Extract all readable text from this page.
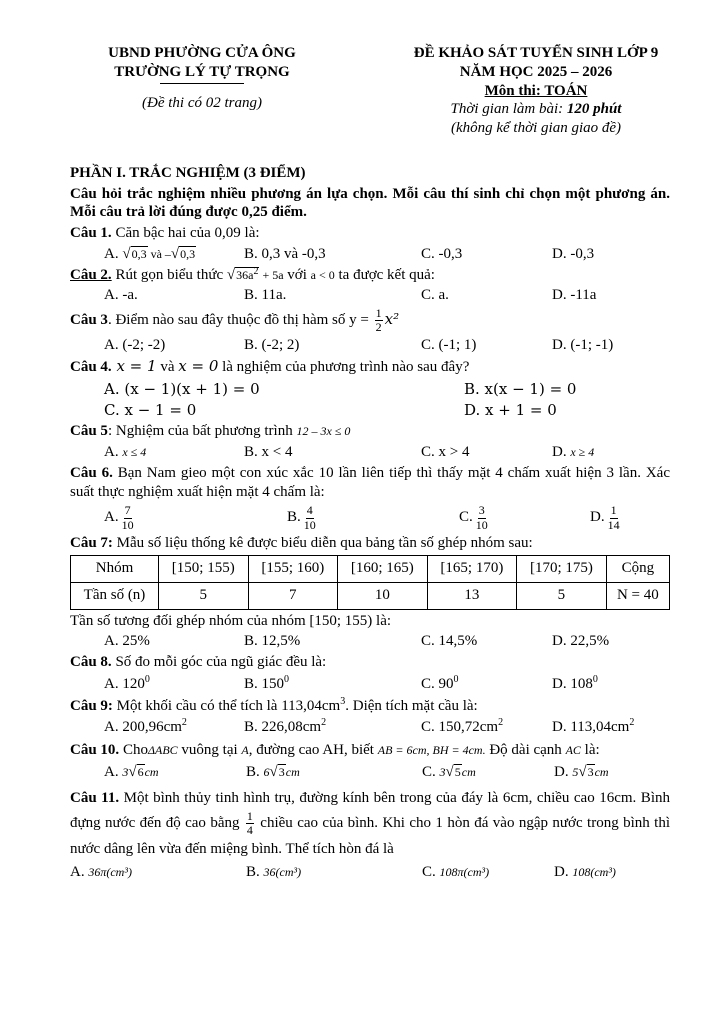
UBND PHƯỜNG CỬA ÔNG
TRƯỜNG LÝ TỰ TRỌNG
(Đề thi có 02 trang)
ĐỀ KHẢO SÁT TUYỂN SINH LỚP 9
NĂM HỌC 2025 – 2026
Môn thi: TOÁN
Thời gian làm bài: 120 phút
(không kể thời gian giao đề)
PHẦN I. TRẮC NGHIỆM (3 ĐIỂM)
Câu hỏi trắc nghiệm nhiều phương án lựa chọn. Mỗi câu thí sinh chỉ chọn một phương án. Mỗi câu trả lời đúng được 0,25 điểm.
Câu 1. Căn bậc hai của 0,09 là:
A. √0,3 và –√0,3	B. 0,3 và -0,3	C. -0,3	D. -0,3
Câu 2. Rút gọn biểu thức $√36a^2 + 5a$ với a < 0 ta được kết quả:
A. -a.	B. 11a.	C. a.	D. -11a
Câu 3. Điểm nào sau đây thuộc đồ thị hàm số $y = \frac{1}{2} x^2$
A. (-2; -2)	B. (-2; 2)	C. (-1; 1)	D. (-1; -1)
Câu 4. x = 1 và x = 0 là nghiệm của phương trình nào sau đây?
A. (x − 1)(x + 1) = 0	B. x(x − 1) = 0
C. x − 1 = 0	D. x + 1 = 0
Câu 5: Nghiệm của bất phương trình 12 – 3x ≤ 0
A. x ≤ 4	B. x < 4	C. x > 4	D. x ≥ 4
Câu 6. Bạn Nam gieo một con xúc xắc 10 lần liên tiếp thì thấy mặt 4 chấm xuất hiện 3 lần. Xác suất thực nghiệm xuất hiện mặt 4 chấm là:
A. $\frac{7}{10}$	B. $\frac{4}{10}$	C. $\frac{3}{10}$	D. $\frac{1}{14}$
Câu 7: Mẫu số liệu thống kê được biểu diễn qua bảng tần số ghép nhóm sau:
Nhóm	[150; 155)	[155; 160)	[160; 165)	[165; 170)	[170; 175)	Cộng
Tần số (n)	5	7	10	13	5	N = 40
Tần số tương đối ghép nhóm của nhóm [150; 155) là:
A. 25%	B. 12,5%	C. 14,5%	D. 22,5%
Câu 8. Số đo mỗi góc của ngũ giác đều là:
A. $120^0$	B. $150^0$	C. $90^0$	D. $108^0$
Câu 9: Một khối cầu có thể tích là $113,04cm^3$. Diện tích mặt cầu là:
A. $200,96cm^2$	B. $226,08cm^2$	C. $150,72cm^2$	D. $113,04cm^2$
Câu 10. ChoΔABC vuông tại A, đường cao AH, biết AB = 6cm, BH = 4cm. Độ dài cạnh AC là:
A. 3√6cm	B. 6√3cm	C. 3√5cm	D. 5√3cm
Câu 11. Một bình thủy tinh hình trụ, đường kính bên trong của đáy là 6cm, chiều cao 16cm. Bình đựng nước đến độ cao bằng $\frac{1}{4}$ chiều cao của bình. Khi cho 1 hòn đá vào ngập nước trong bình thì nước dâng lên vừa đến miệng bình. Thể tích hòn đá là
A. 36π(cm³)	B. 36(cm³)	C. 108π(cm³)	D. 108(cm³)
